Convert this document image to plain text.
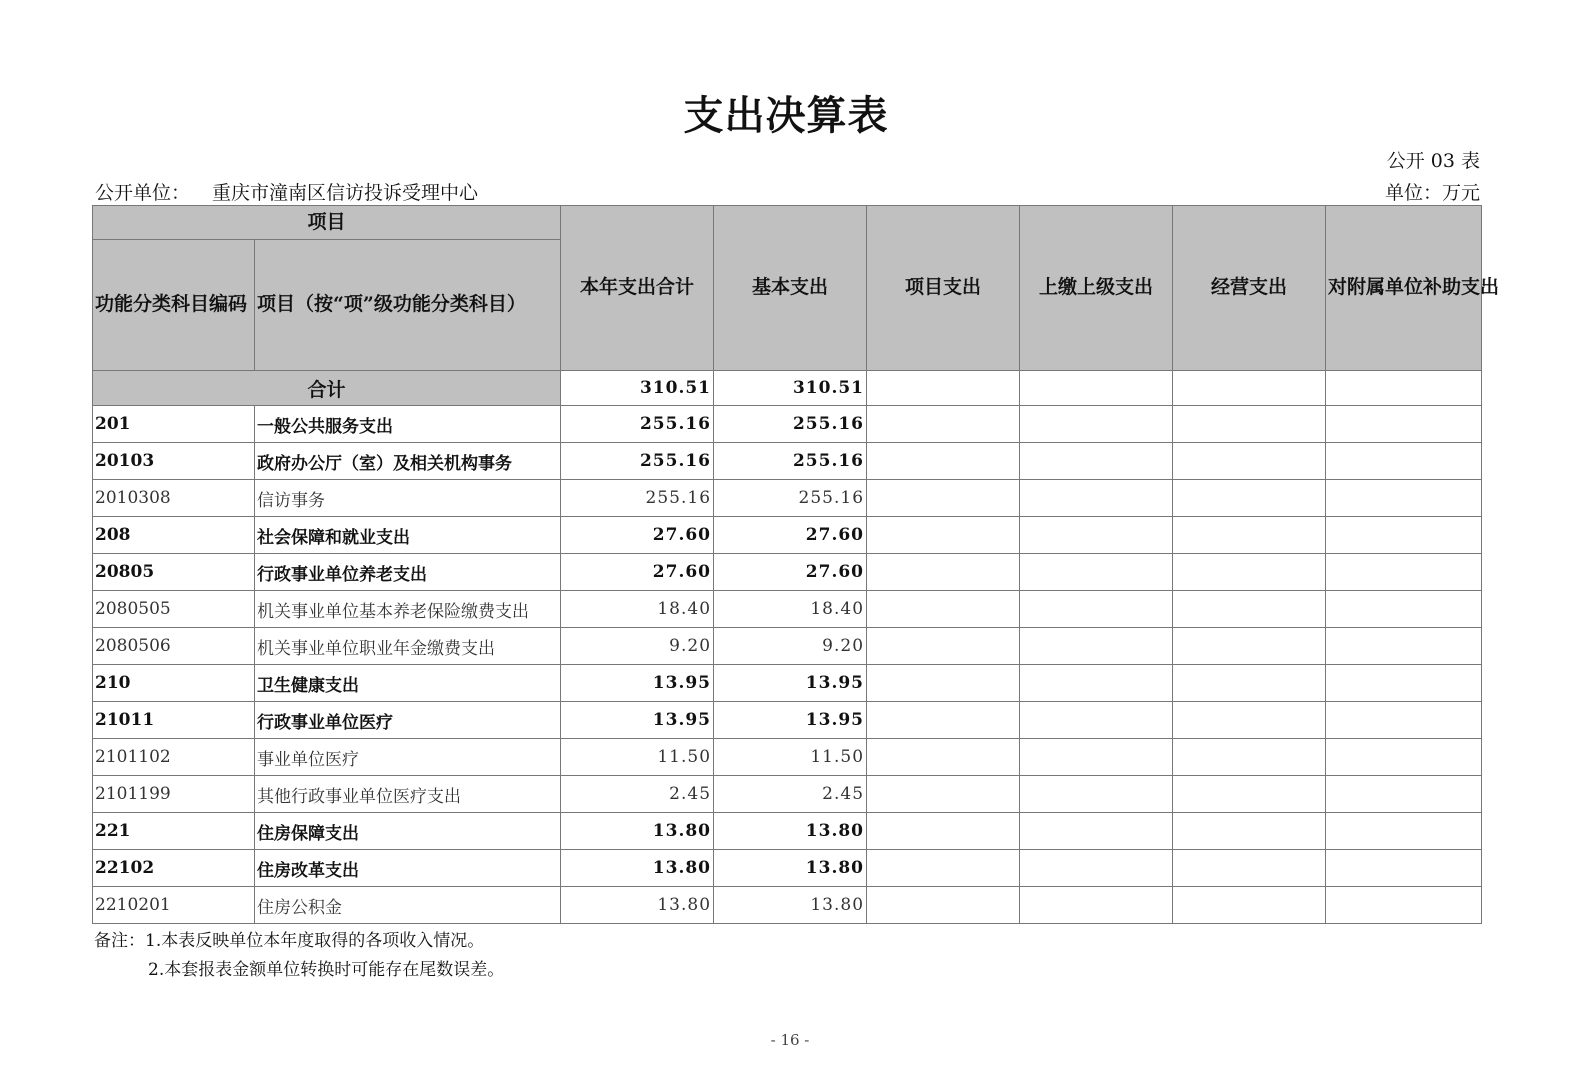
支出决算表
公开 03 表
公开单位： 重庆市潼南区信访投诉受理中心	单位：万元
项目		本年支出合计	基本支出	项目支出	上缴上级支出	经营支出	对附属单位补助支出
功能分类科目编码	项目（按“项”级功能分类科目）						
合计		310.51	310.51				
201	一般公共服务支出	255.16	255.16				
20103	政府办公厅（室）及相关机构事务	255.16	255.16				
2010308	信访事务	255.16	255.16				
208	社会保障和就业支出	27.60	27.60				
20805	行政事业单位养老支出	27.60	27.60				
2080505	机关事业单位基本养老保险缴费支出	18.40	18.40				
2080506	机关事业单位职业年金缴费支出	9.20	9.20				
210	卫生健康支出	13.95	13.95				
21011	行政事业单位医疗	13.95	13.95				
2101102	事业单位医疗	11.50	11.50				
2101199	其他行政事业单位医疗支出	2.45	2.45				
221	住房保障支出	13.80	13.80				
22102	住房改革支出	13.80	13.80				
2210201	住房公积金	13.80	13.80				
备注：1.本表反映单位本年度取得的各项收入情况。
2.本套报表金额单位转换时可能存在尾数误差。
- 16 -
